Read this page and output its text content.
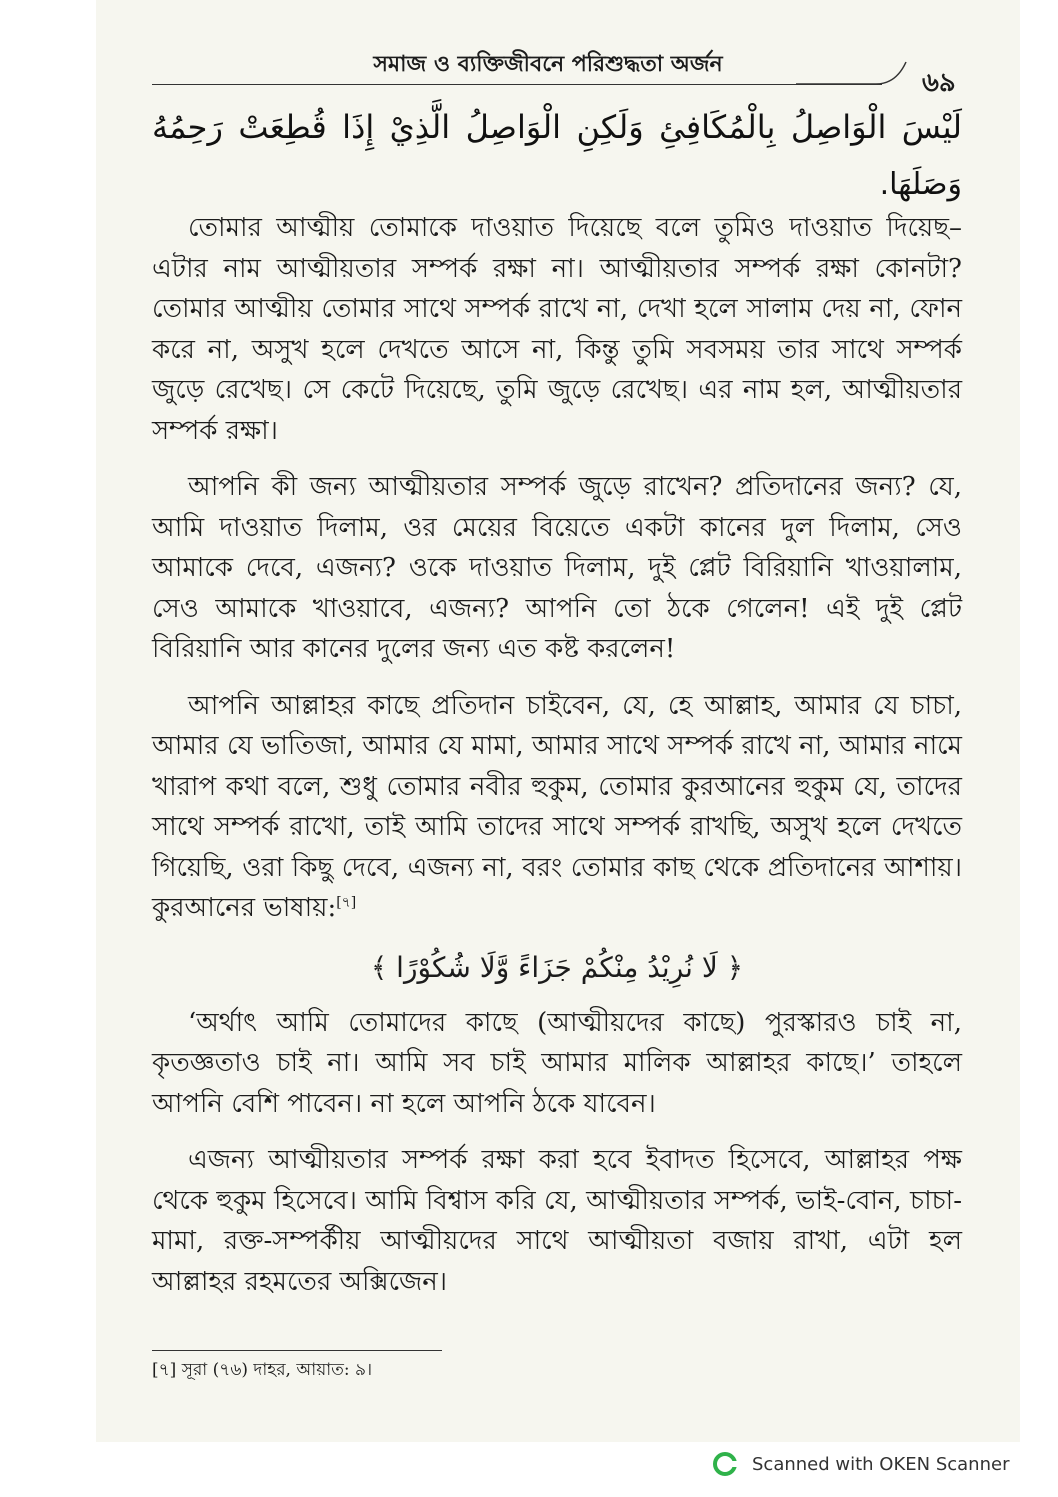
সমাজ ও ব্যক্তিজীবনে পরিশুদ্ধতা অর্জন
৬৯
لَيْسَ الْوَاصِلُ بِالْمُكَافِئِ وَلَكِنِ الْوَاصِلُ الَّذِيْ إِذَا قُطِعَتْ رَحِمُهُ
وَصَلَهَا.

তোমার আত্মীয় তোমাকে দাওয়াত দিয়েছে বলে তুমিও দাওয়াত দিয়েছ– এটার নাম আত্মীয়তার সম্পর্ক রক্ষা না। আত্মীয়তার সম্পর্ক রক্ষা কোনটা? তোমার আত্মীয় তোমার সাথে সম্পর্ক রাখে না, দেখা হলে সালাম দেয় না, ফোন করে না, অসুখ হলে দেখতে আসে না, কিন্তু তুমি সবসময় তার সাথে সম্পর্ক জুড়ে রেখেছ। সে কেটে দিয়েছে, তুমি জুড়ে রেখেছ। এর নাম হল, আত্মীয়তার সম্পর্ক রক্ষা।

আপনি কী জন্য আত্মীয়তার সম্পর্ক জুড়ে রাখেন? প্রতিদানের জন্য? যে, আমি দাওয়াত দিলাম, ওর মেয়ের বিয়েতে একটা কানের দুল দিলাম, সেও আমাকে দেবে, এজন্য? ওকে দাওয়াত দিলাম, দুই প্লেট বিরিয়ানি খাওয়ালাম, সেও আমাকে খাওয়াবে, এজন্য? আপনি তো ঠকে গেলেন! এই দুই প্লেট বিরিয়ানি আর কানের দুলের জন্য এত কষ্ট করলেন!

আপনি আল্লাহর কাছে প্রতিদান চাইবেন, যে, হে আল্লাহ, আমার যে চাচা, আমার যে ভাতিজা, আমার যে মামা, আমার সাথে সম্পর্ক রাখে না, আমার নামে খারাপ কথা বলে, শুধু তোমার নবীর হুকুম, তোমার কুরআনের হুকুম যে, তাদের সাথে সম্পর্ক রাখো, তাই আমি তাদের সাথে সম্পর্ক রাখছি, অসুখ হলে দেখতে গিয়েছি, ওরা কিছু দেবে, এজন্য না, বরং তোমার কাছ থেকে প্রতিদানের আশায়। কুরআনের ভাষায়:[৭]

﴿ لَا نُرِيْدُ مِنْكُمْ جَزَاءً وَّلَا شُكُوْرًا ﴾

‘অর্থাৎ আমি তোমাদের কাছে (আত্মীয়দের কাছে) পুরস্কারও চাই না, কৃতজ্ঞতাও চাই না। আমি সব চাই আমার মালিক আল্লাহর কাছে।’ তাহলে আপনি বেশি পাবেন। না হলে আপনি ঠকে যাবেন।

এজন্য আত্মীয়তার সম্পর্ক রক্ষা করা হবে ইবাদত হিসেবে, আল্লাহর পক্ষ থেকে হুকুম হিসেবে। আমি বিশ্বাস করি যে, আত্মীয়তার সম্পর্ক, ভাই-বোন, চাচা-মামা, রক্ত-সম্পর্কীয় আত্মীয়দের সাথে আত্মীয়তা বজায় রাখা, এটা হল আল্লাহর রহমতের অক্সিজেন।

[৭] সূরা (৭৬) দাহর, আয়াত: ৯।
Scanned with OKEN Scanner
